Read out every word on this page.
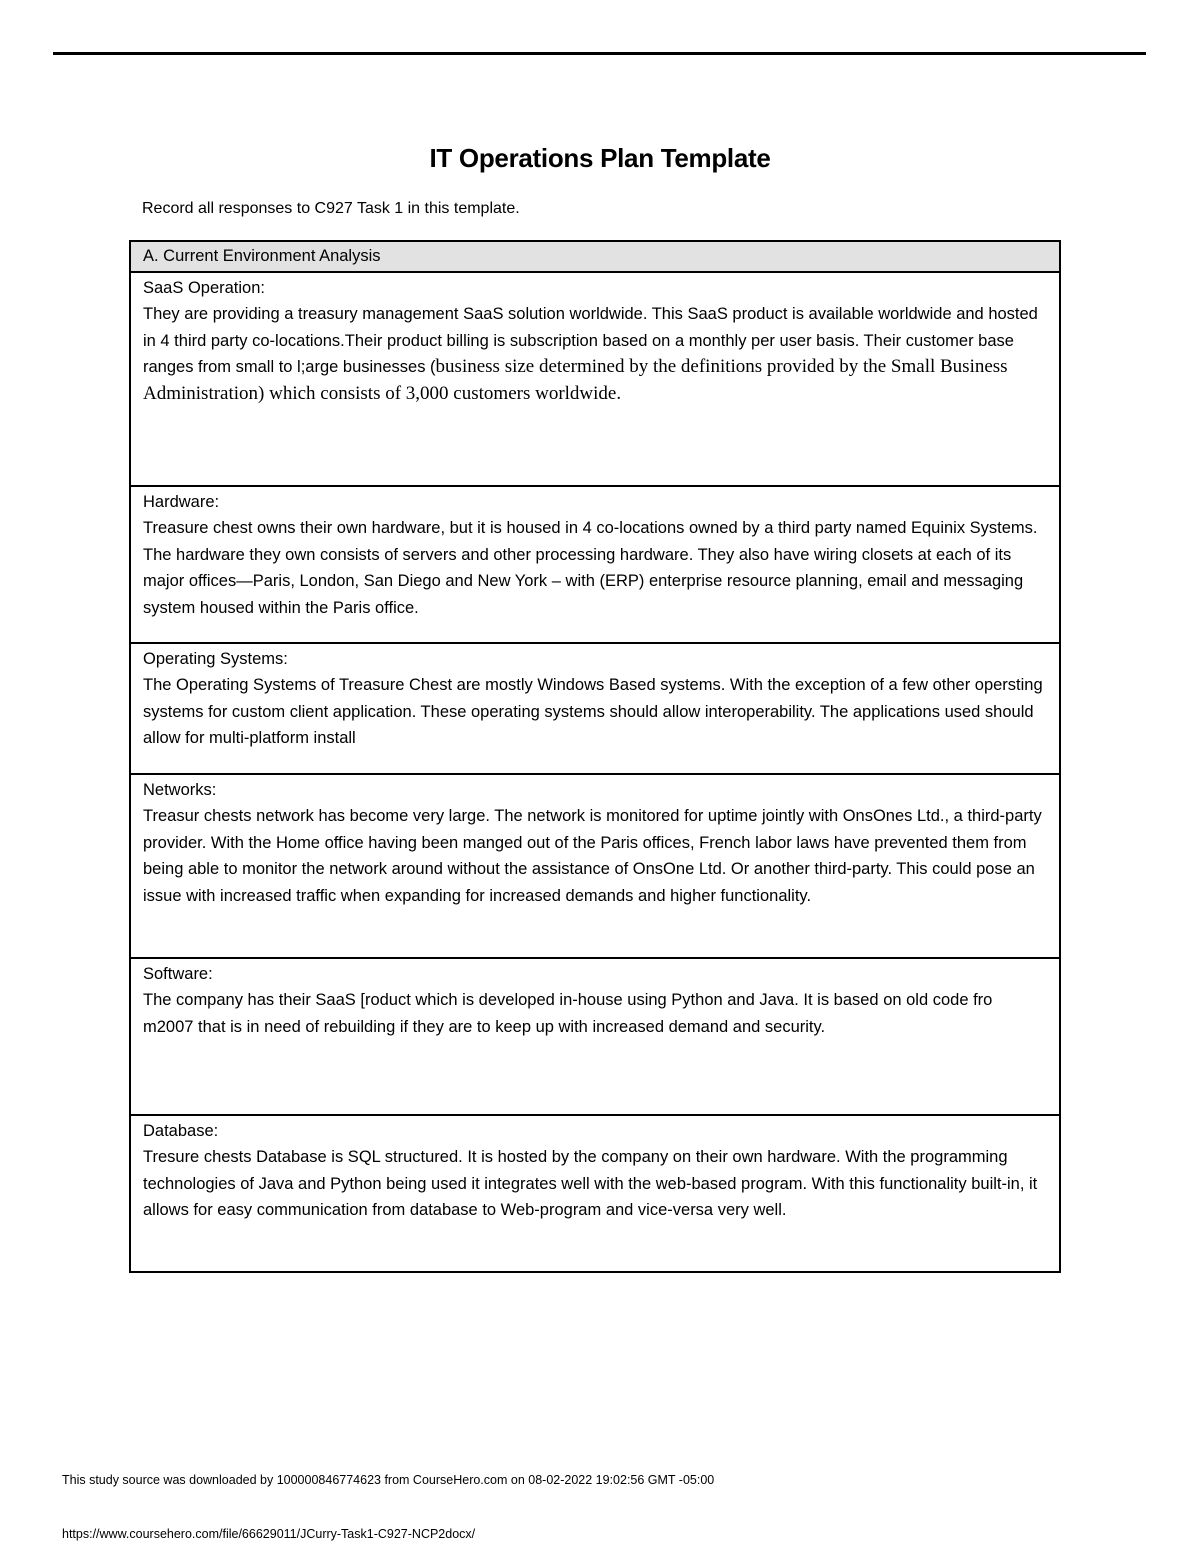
IT Operations Plan Template
Record all responses to C927 Task 1 in this template.
A. Current Environment Analysis

SaaS Operation:
They are providing a treasury management SaaS solution worldwide. This SaaS product is available worldwide and hosted in 4 third party co-locations.Their product billing is subscription based on a monthly per user basis. Their customer base ranges from small to l;arge businesses (business size determined by the definitions provided by the Small Business Administration) which consists of 3,000 customers worldwide.

Hardware:
Treasure chest owns their own hardware, but it is housed in 4 co-locations owned by a third party named Equinix Systems. The hardware they own consists of servers and other processing hardware. They also have wiring closets at each of its major offices—Paris, London, San Diego and New York – with (ERP) enterprise resource planning, email and messaging system housed within the Paris office.

Operating Systems:
The Operating Systems of Treasure Chest are mostly Windows Based systems. With the exception of a few other opersting systems for custom client application. These operating systems should allow interoperability. The applications used should allow for multi-platform install

Networks:
Treasur chests network has become very large. The network is monitored for uptime jointly with OnsOnes Ltd., a third-party provider. With the Home office having been manged out of the Paris offices, French labor laws have prevented them from being able to monitor the network around without the assistance of OnsOne Ltd. Or another third-party. This could pose an issue with increased traffic when expanding for increased demands and higher functionality.

Software:
The company has their SaaS [roduct which is developed in-house using Python and Java. It is based on old code fro m2007 that is in need of rebuilding if they are to keep up with increased demand and security.

Database:
Tresure chests Database is SQL structured. It is hosted by the company on their own hardware. With the programming technologies of Java and Python being used it integrates well with the web-based program. With this functionality built-in, it allows for easy communication from database to Web-program and vice-versa very well.
This study source was downloaded by 100000846774623 from CourseHero.com on 08-02-2022 19:02:56 GMT -05:00
https://www.coursehero.com/file/66629011/JCurry-Task1-C927-NCP2docx/
